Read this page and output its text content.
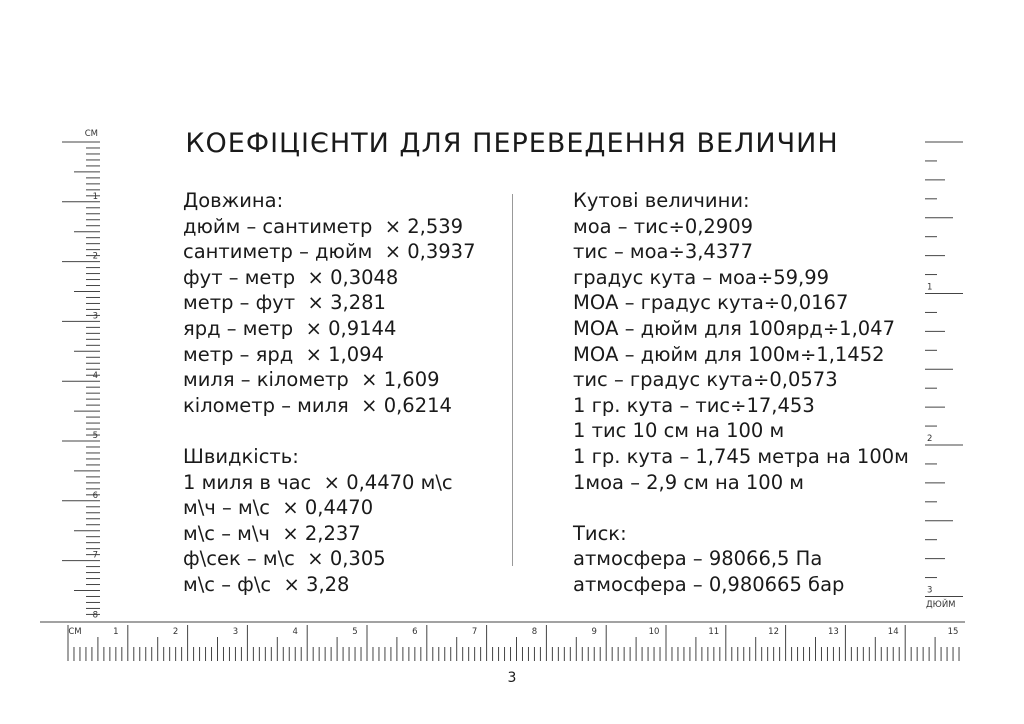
СМ
1
2
3
4
5
6
7
8
СМ	1	2	3	4	5	6	7	8	9	10	11	12	13	14	15
1
2
3
ДЮЙМ
КОЕФІЦІЄНТИ ДЛЯ ПЕРЕВЕДЕННЯ ВЕЛИЧИН
Довжина:
дюйм – сантиметр  × 2,539
сантиметр – дюйм  × 0,3937
фут – метр  × 0,3048
метр – фут  × 3,281
ярд – метр  × 0,9144
метр – ярд  × 1,094
миля – кілометр  × 1,609
кілометр – миля  × 0,6214
Швидкість:
1 миля в час  × 0,4470 м\с
м\ч – м\с  × 0,4470
м\с – м\ч  × 2,237
ф\сек – м\с  × 0,305
м\с – ф\с  × 3,28
Кутові величини:
моа – тис÷0,2909
тис – моа÷3,4377
градус кута – моа÷59,99
МОА – градус кута÷0,0167
МОА – дюйм для 100ярд÷1,047
МОА – дюйм для 100м÷1,1452
тис – градус кута÷0,0573
1 гр. кута – тис÷17,453
1 тис 10 см на 100 м
1 гр. кута – 1,745 метра на 100м
1моа – 2,9 см на 100 м
Тиск:
атмосфера – 98066,5 Па
атмосфера – 0,980665 бар
3
